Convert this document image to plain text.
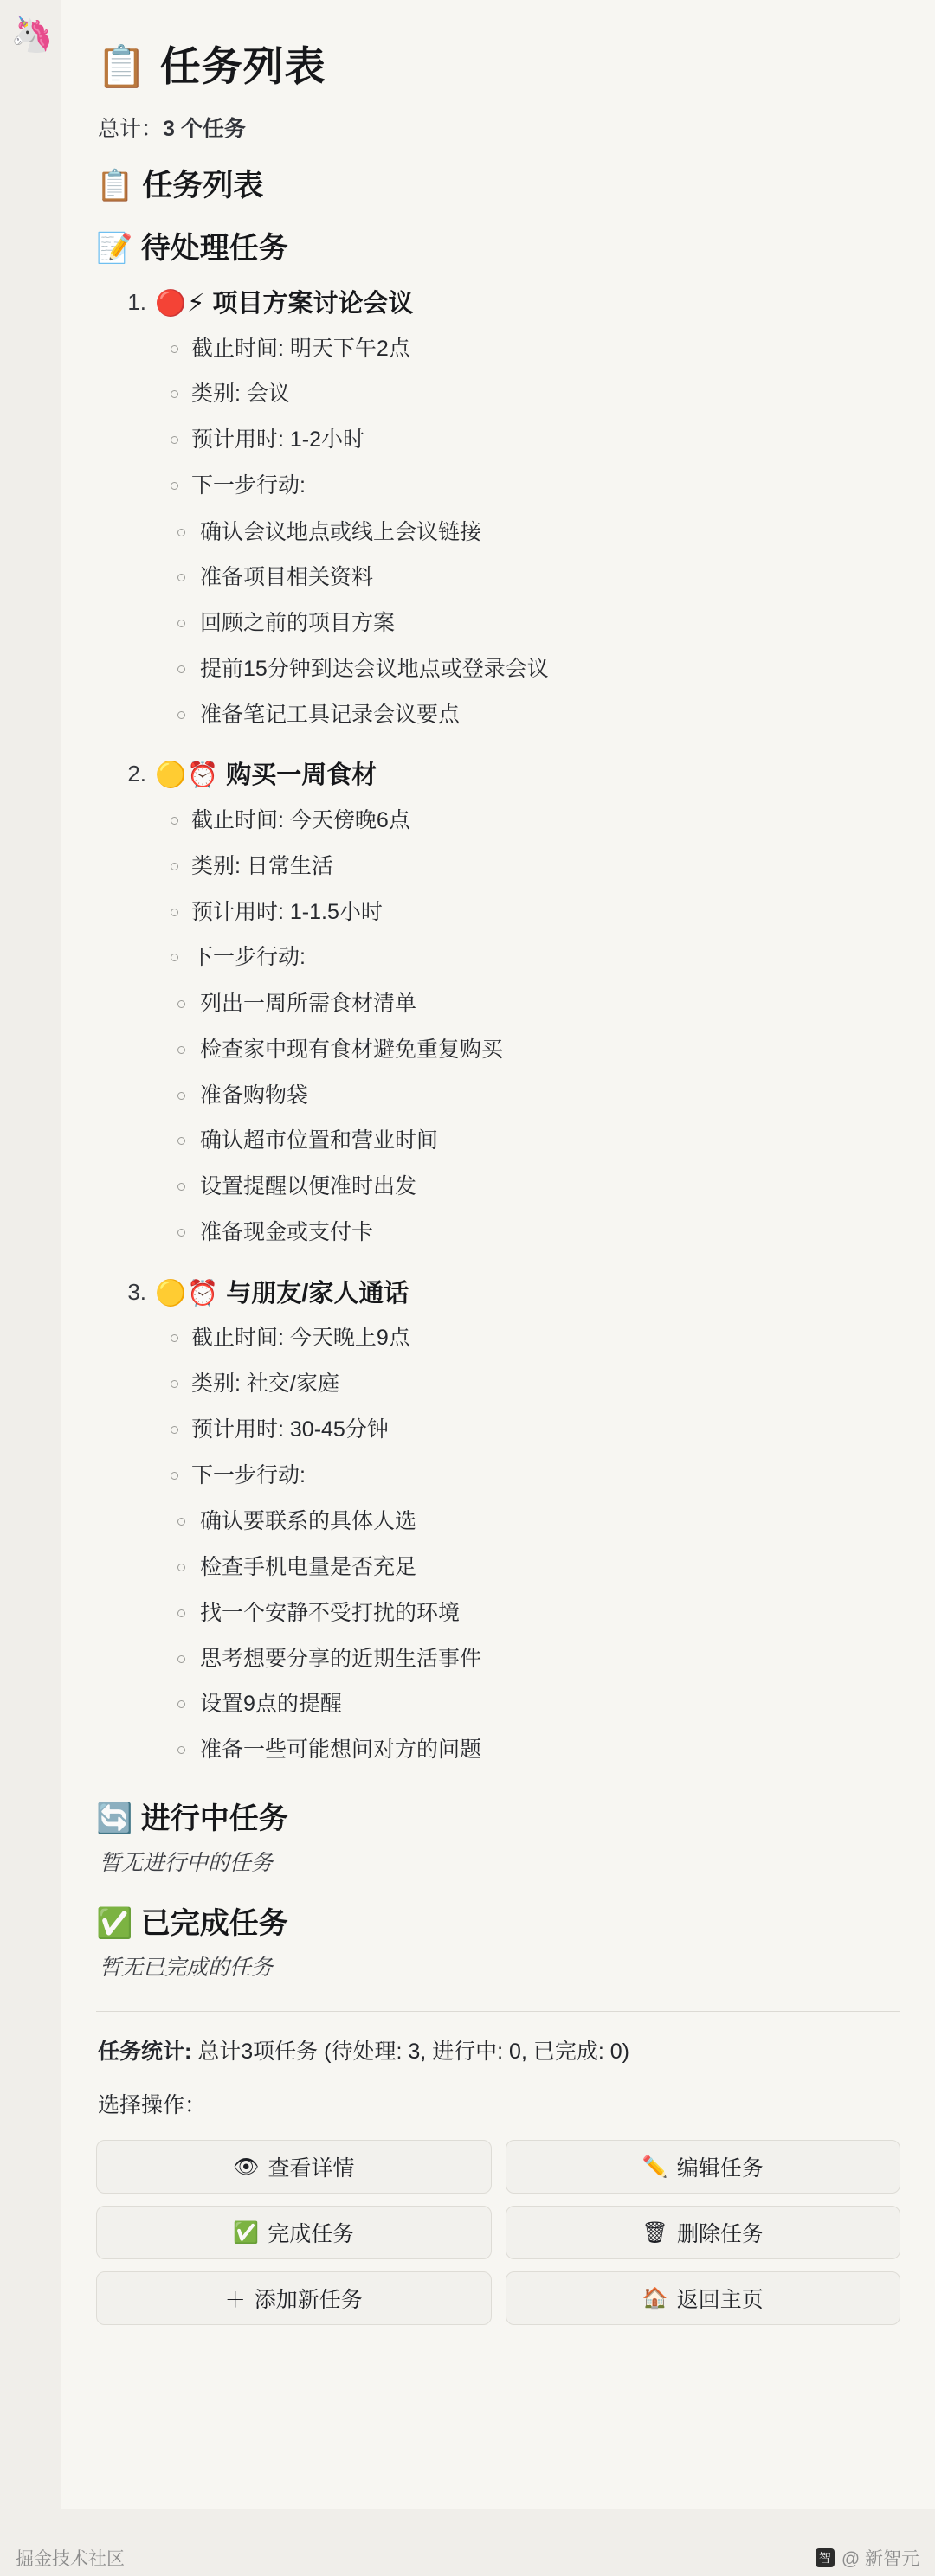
🦄
📋 任务列表
总计：3 个任务
📋 任务列表
📝 待处理任务
1. 🔴⚡ 项目方案讨论会议
截止时间: 明天下午2点
类别: 会议
预计用时: 1-2小时
下一步行动:
确认会议地点或线上会议链接
准备项目相关资料
回顾之前的项目方案
提前15分钟到达会议地点或登录会议
准备笔记工具记录会议要点
2. 🟡⏰ 购买一周食材
截止时间: 今天傍晚6点
类别: 日常生活
预计用时: 1-1.5小时
下一步行动:
列出一周所需食材清单
检查家中现有食材避免重复购买
准备购物袋
确认超市位置和营业时间
设置提醒以便准时出发
准备现金或支付卡
3. 🟡⏰ 与朋友/家人通话
截止时间: 今天晚上9点
类别: 社交/家庭
预计用时: 30-45分钟
下一步行动:
确认要联系的具体人选
检查手机电量是否充足
找一个安静不受打扰的环境
思考想要分享的近期生活事件
设置9点的提醒
准备一些可能想问对方的问题
🔄 进行中任务
暂无进行中的任务
✅ 已完成任务
暂无已完成的任务
任务统计: 总计3项任务 (待处理: 3, 进行中: 0, 已完成: 0)
选择操作：
👁 查看详情	✏️ 编辑任务
✅ 完成任务	🗑 删除任务
＋ 添加新任务	🏠 返回主页
掘金技术社区	智 @ 新智元
